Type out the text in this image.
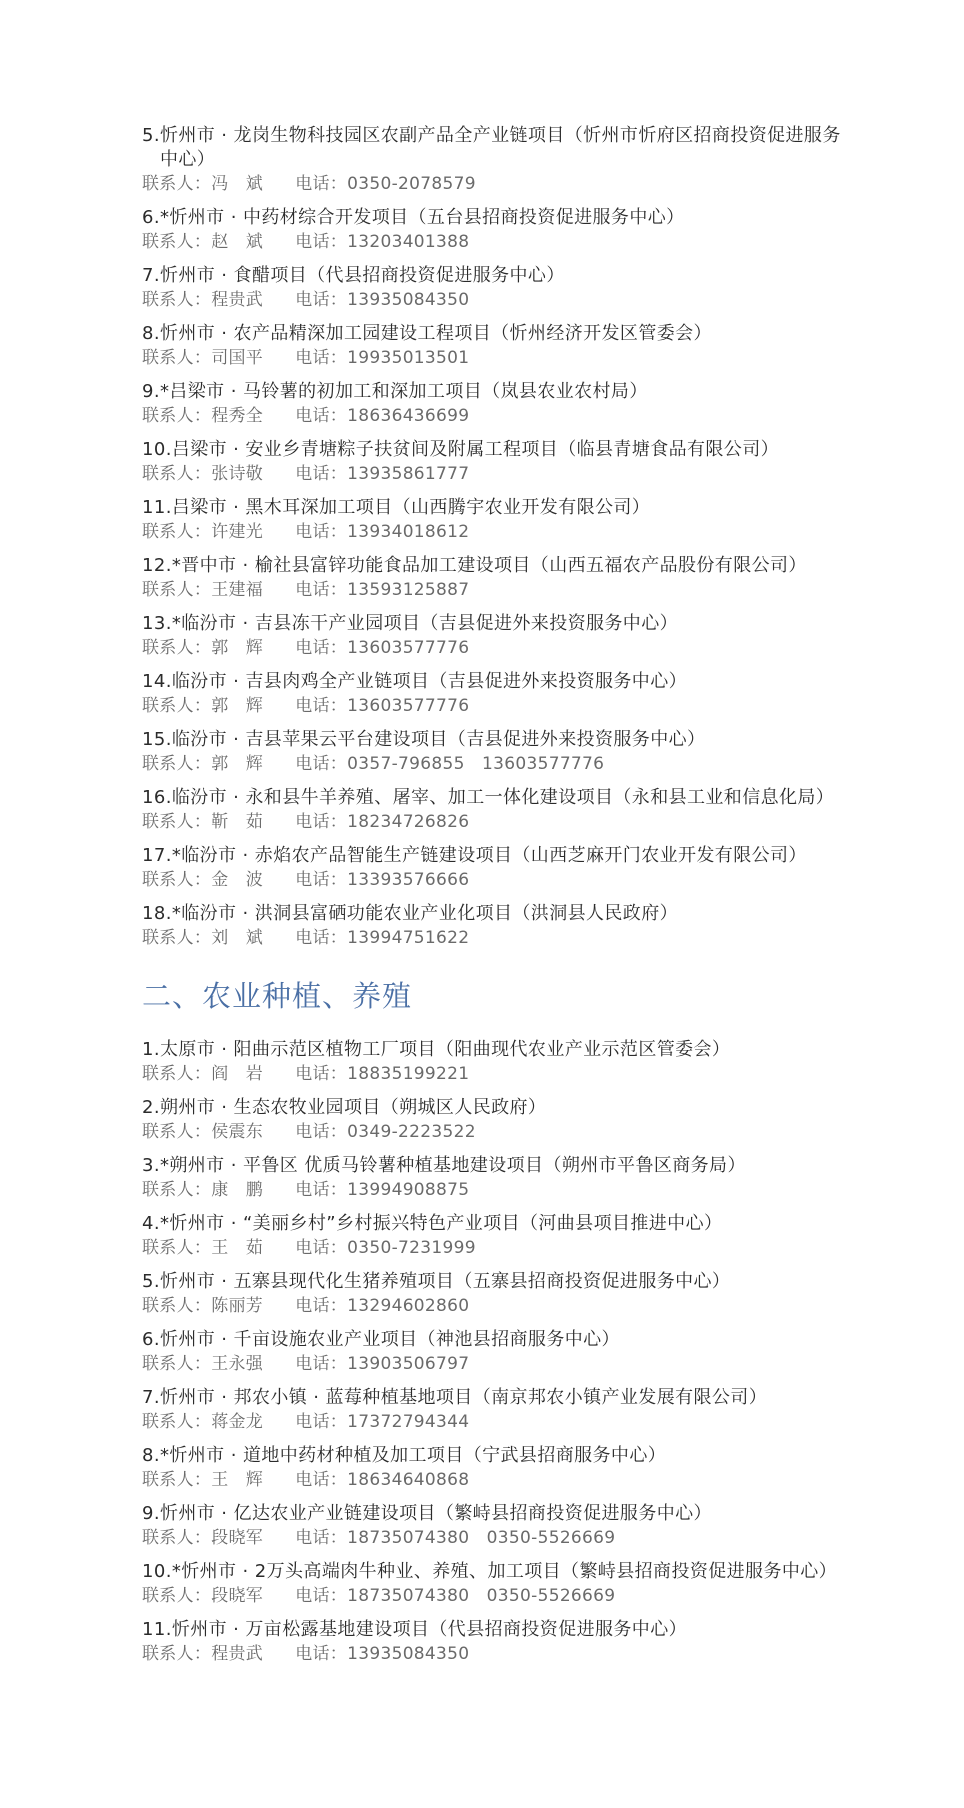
5.忻州市 · 龙岗生物科技园区农副产品全产业链项目（忻州市忻府区招商投资促进服务
中心）
联系人：冯　斌 电话：0350-2078579
6.*忻州市 · 中药材综合开发项目（五台县招商投资促进服务中心）
联系人：赵　斌 电话：13203401388
7.忻州市 · 食醋项目（代县招商投资促进服务中心）
联系人：程贵武 电话：13935084350
8.忻州市 · 农产品精深加工园建设工程项目（忻州经济开发区管委会）
联系人：司国平 电话：19935013501
9.*吕梁市 · 马铃薯的初加工和深加工项目（岚县农业农村局）
联系人：程秀全 电话：18636436699
10.吕梁市 · 安业乡青塘粽子扶贫间及附属工程项目（临县青塘食品有限公司）
联系人：张诗敬 电话：13935861777
11.吕梁市 · 黑木耳深加工项目（山西腾宇农业开发有限公司）
联系人：许建光 电话：13934018612
12.*晋中市 · 榆社县富锌功能食品加工建设项目（山西五福农产品股份有限公司）
联系人：王建福 电话：13593125887
13.*临汾市 · 吉县冻干产业园项目（吉县促进外来投资服务中心）
联系人：郭　辉 电话：13603577776
14.临汾市 · 吉县肉鸡全产业链项目（吉县促进外来投资服务中心）
联系人：郭　辉 电话：13603577776
15.临汾市 · 吉县苹果云平台建设项目（吉县促进外来投资服务中心）
联系人：郭　辉 电话：0357-796855　13603577776
16.临汾市 · 永和县牛羊养殖、屠宰、加工一体化建设项目（永和县工业和信息化局）
联系人：靳　茹 电话：18234726826
17.*临汾市 · 赤焰农产品智能生产链建设项目（山西芝麻开门农业开发有限公司）
联系人：金　波 电话：13393576666
18.*临汾市 · 洪洞县富硒功能农业产业化项目（洪洞县人民政府）
联系人：刘　斌 电话：13994751622
二、农业种植、养殖
1.太原市 · 阳曲示范区植物工厂项目（阳曲现代农业产业示范区管委会）
联系人：阎　岩 电话：18835199221
2.朔州市 · 生态农牧业园项目（朔城区人民政府）
联系人：侯震东 电话：0349-2223522
3.*朔州市 · 平鲁区 优质马铃薯种植基地建设项目（朔州市平鲁区商务局）
联系人：康　鹏 电话：13994908875
4.*忻州市 · “美丽乡村”乡村振兴特色产业项目（河曲县项目推进中心）
联系人：王　茹 电话：0350-7231999
5.忻州市 · 五寨县现代化生猪养殖项目（五寨县招商投资促进服务中心）
联系人：陈丽芳 电话：13294602860
6.忻州市 · 千亩设施农业产业项目（神池县招商服务中心）
联系人：王永强 电话：13903506797
7.忻州市 · 邦农小镇 · 蓝莓种植基地项目（南京邦农小镇产业发展有限公司）
联系人：蒋金龙 电话：17372794344
8.*忻州市 · 道地中药材种植及加工项目（宁武县招商服务中心）
联系人：王　辉 电话：18634640868
9.忻州市 · 亿达农业产业链建设项目（繁峙县招商投资促进服务中心）
联系人：段晓军 电话：18735074380　0350-5526669
10.*忻州市 · 2万头高端肉牛种业、养殖、加工项目（繁峙县招商投资促进服务中心）
联系人：段晓军 电话：18735074380　0350-5526669
11.忻州市 · 万亩松露基地建设项目（代县招商投资促进服务中心）
联系人：程贵武 电话：13935084350
